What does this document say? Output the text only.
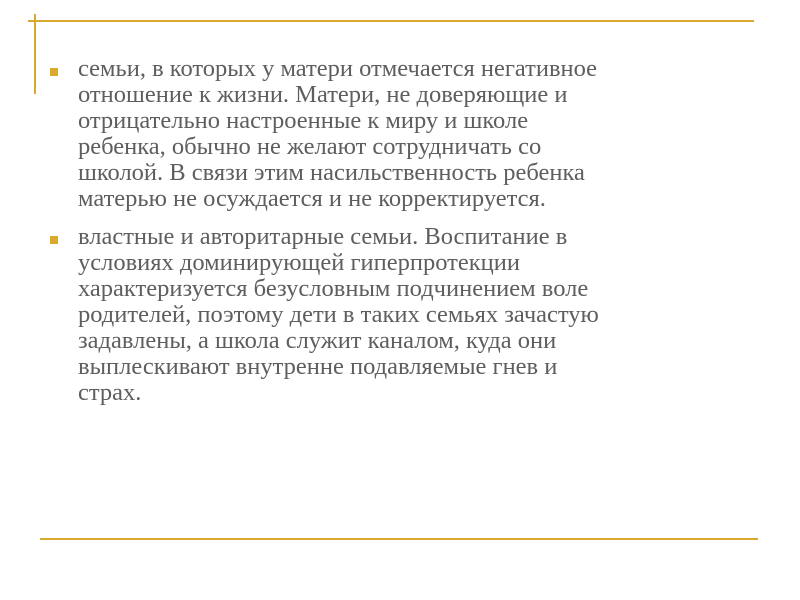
семьи, в которых у матери отмечается негативное
отношение к жизни. Матери, не доверяющие и
отрицательно настроенные к миру и школе
ребенка, обычно не желают сотрудничать со
школой. В связи этим насильственность ребенка
матерью не осуждается и не корректируется.

властные и авторитарные семьи. Воспитание в
условиях доминирующей гиперпротекции
характеризуется безусловным подчинением воле
родителей, поэтому дети в таких семьях зачастую
задавлены, а школа служит каналом, куда они
выплескивают внутренне подавляемые гнев и
страх.
